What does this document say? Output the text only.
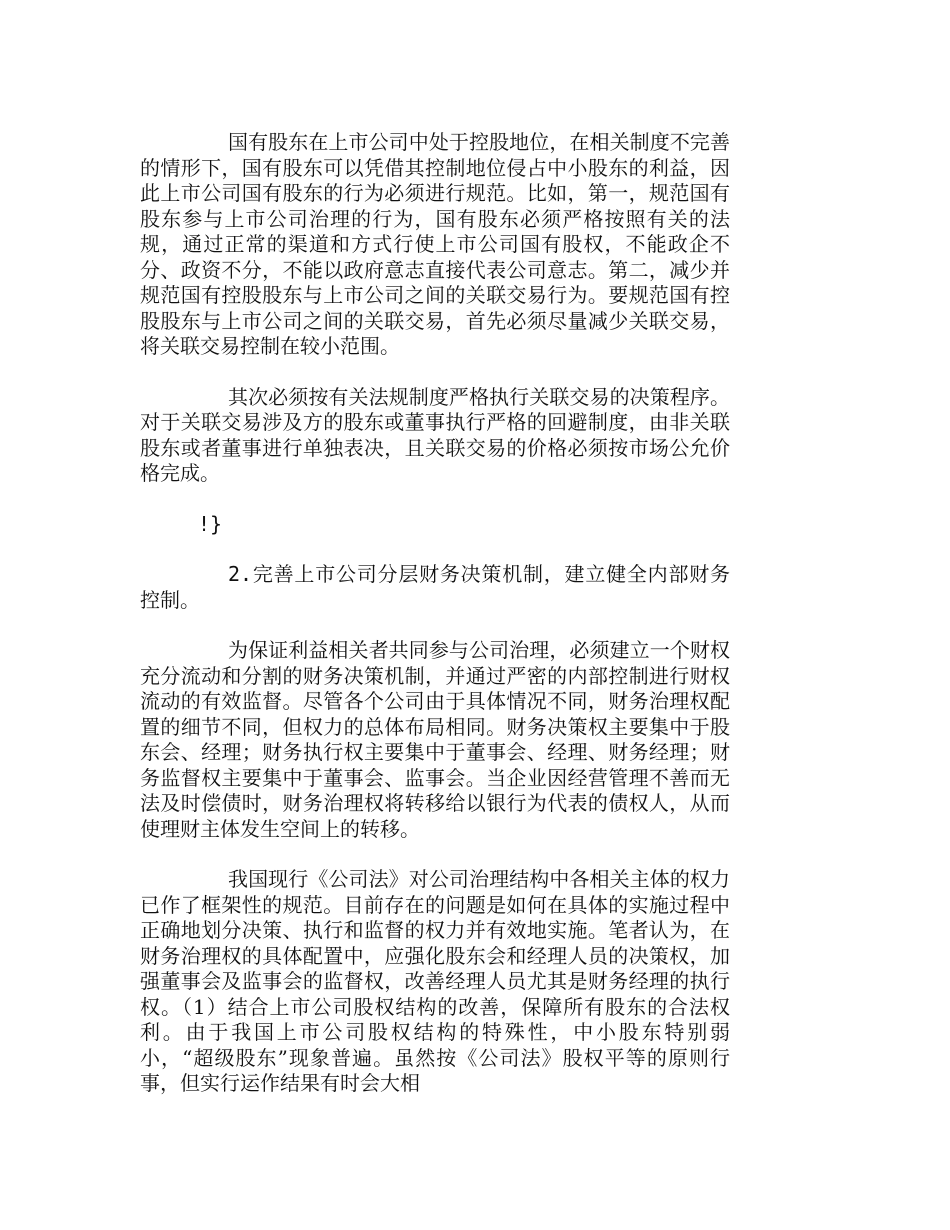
国有股东在上市公司中处于控股地位，在相关制度不完善的情形下，国有股东可以凭借其控制地位侵占中小股东的利益，因此上市公司国有股东的行为必须进行规范。比如，第一，规范国有股东参与上市公司治理的行为，国有股东必须严格按照有关的法规，通过正常的渠道和方式行使上市公司国有股权，不能政企不分、政资不分，不能以政府意志直接代表公司意志。第二，减少并规范国有控股股东与上市公司之间的关联交易行为。要规范国有控股股东与上市公司之间的关联交易，首先必须尽量减少关联交易，将关联交易控制在较小范围。

其次必须按有关法规制度严格执行关联交易的决策程序。对于关联交易涉及方的股东或董事执行严格的回避制度，由非关联股东或者董事进行单独表决，且关联交易的价格必须按市场公允价格完成。

!}

2.完善上市公司分层财务决策机制，建立健全内部财务控制。

为保证利益相关者共同参与公司治理，必须建立一个财权充分流动和分割的财务决策机制，并通过严密的内部控制进行财权流动的有效监督。尽管各个公司由于具体情况不同，财务治理权配置的细节不同，但权力的总体布局相同。财务决策权主要集中于股东会、经理；财务执行权主要集中于董事会、经理、财务经理；财务监督权主要集中于董事会、监事会。当企业因经营管理不善而无法及时偿债时，财务治理权将转移给以银行为代表的债权人，从而使理财主体发生空间上的转移。

我国现行《公司法》对公司治理结构中各相关主体的权力已作了框架性的规范。目前存在的问题是如何在具体的实施过程中正确地划分决策、执行和监督的权力并有效地实施。笔者认为，在财务治理权的具体配置中，应强化股东会和经理人员的决策权，加强董事会及监事会的监督权，改善经理人员尤其是财务经理的执行权。（1）结合上市公司股权结构的改善，保障所有股东的合法权利。由于我国上市公司股权结构的特殊性，中小股东特别弱小，“超级股东”现象普遍。虽然按《公司法》股权平等的原则行事，但实行运作结果有时会大相
